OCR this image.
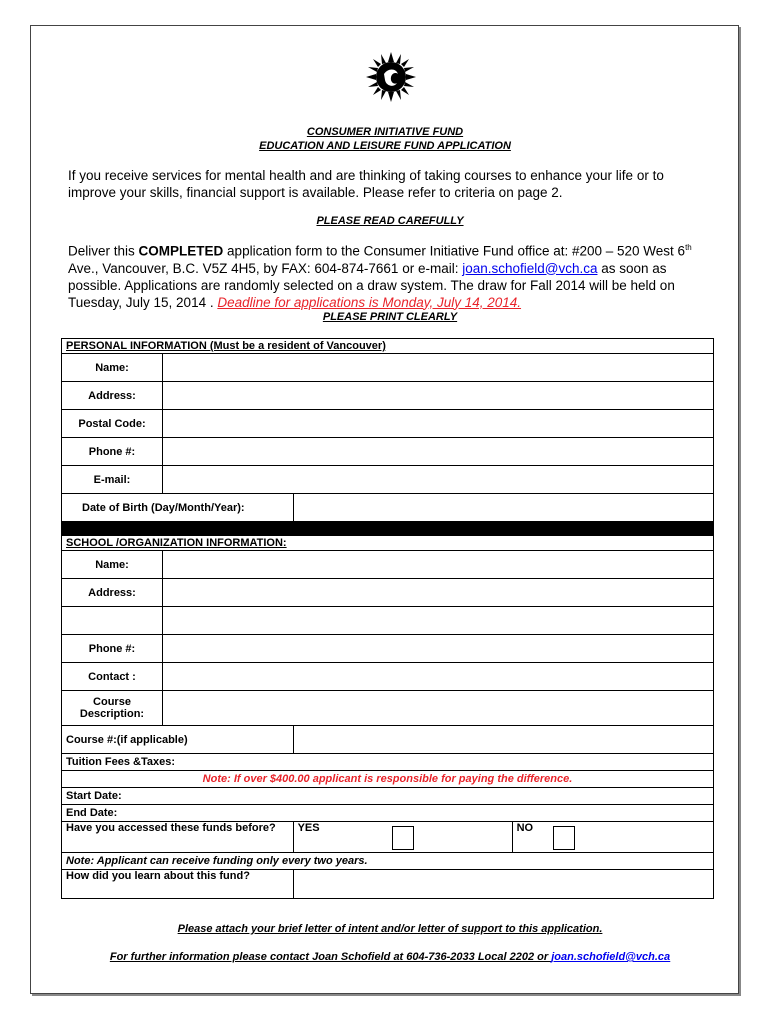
CONSUMER INITIATIVE FUND
EDUCATION AND LEISURE FUND APPLICATION
If you receive services for mental health and are thinking of taking courses to enhance your life or to improve your skills, financial support is available. Please refer to criteria on page 2.
PLEASE READ CAREFULLY
Deliver this COMPLETED application form to the Consumer Initiative Fund office at: #200 – 520 West 6th Ave., Vancouver, B.C. V5Z 4H5, by FAX: 604-874-7661 or e-mail: joan.schofield@vch.ca as soon as possible. Applications are randomly selected on a draw system. The draw for Fall 2014 will be held on Tuesday, July 15, 2014 . Deadline for applications is Monday, July 14, 2014.
PLEASE PRINT CLEARLY
PERSONAL INFORMATION (Must be a resident of Vancouver)			
Name:			
Address:			
Postal Code:			
Phone #:			
E-mail:			
Date of Birth (Day/Month/Year):			

SCHOOL /ORGANIZATION INFORMATION:			
Name:			
Address:			

Phone #:			
Contact :			
Course Description:			
Course #:(if applicable)			
Tuition Fees &Taxes:			
Note: If over $400.00 applicant is responsible for paying the difference.			
Start Date:			
End Date:			
Have you accessed these funds before?		YES	NO

Note: Applicant can receive funding only every two years.			
How did you learn about this fund?			
Please attach your brief letter of intent and/or letter of support to this application.
For further information please contact Joan Schofield at 604-736-2033 Local 2202 or joan.schofield@vch.ca
